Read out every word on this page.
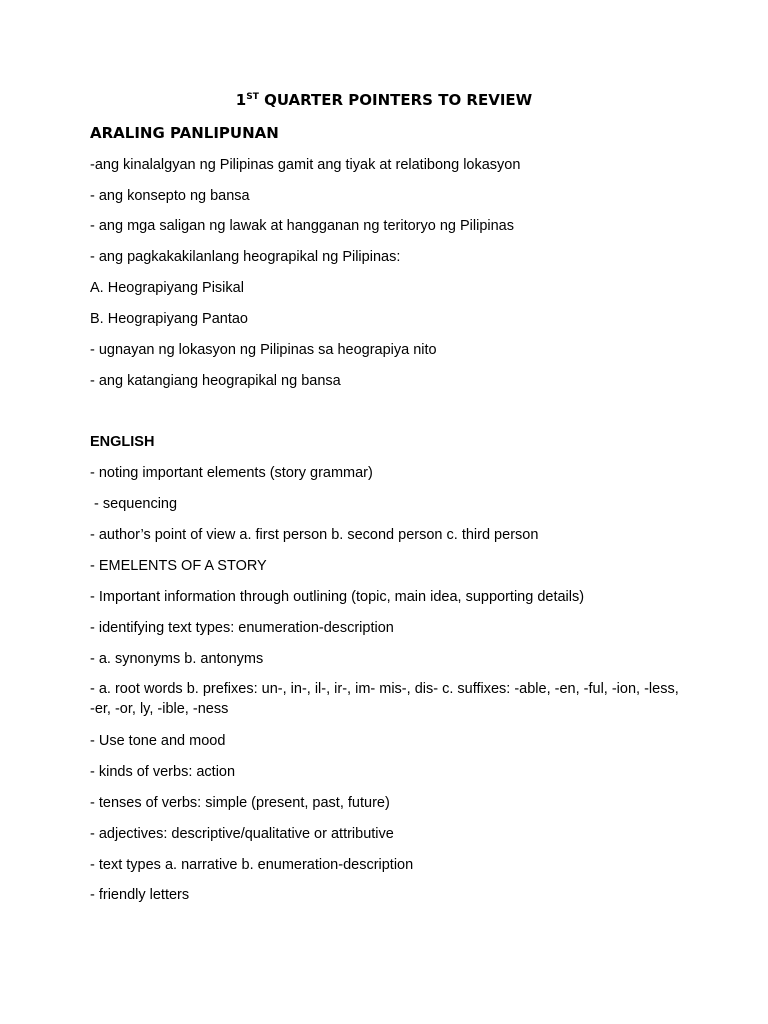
1ST QUARTER POINTERS TO REVIEW
ARALING PANLIPUNAN
-ang kinalalgyan ng Pilipinas gamit ang tiyak at relatibong lokasyon
- ang konsepto ng bansa
- ang mga saligan ng lawak at hangganan ng teritoryo ng Pilipinas
- ang pagkakakilanlang heograpikal ng Pilipinas:
A. Heograpiyang Pisikal
B. Heograpiyang Pantao
- ugnayan ng lokasyon ng Pilipinas sa heograpiya nito
- ang katangiang heograpikal ng bansa
ENGLISH
- noting important elements (story grammar)
- sequencing
- author’s point of view a. first person b. second person c. third person
- EMELENTS OF A STORY
- Important information through outlining (topic, main idea, supporting details)
- identifying text types: enumeration-description
- a. synonyms b. antonyms
- a. root words b. prefixes: un-, in-, il-, ir-, im- mis-, dis- c. suffixes: -able, -en, -ful, -ion, -less, -er, -or, ly, -ible, -ness
- Use tone and mood
- kinds of verbs: action
- tenses of verbs: simple (present, past, future)
- adjectives: descriptive/qualitative or attributive
- text types a. narrative b. enumeration-description
- friendly letters
